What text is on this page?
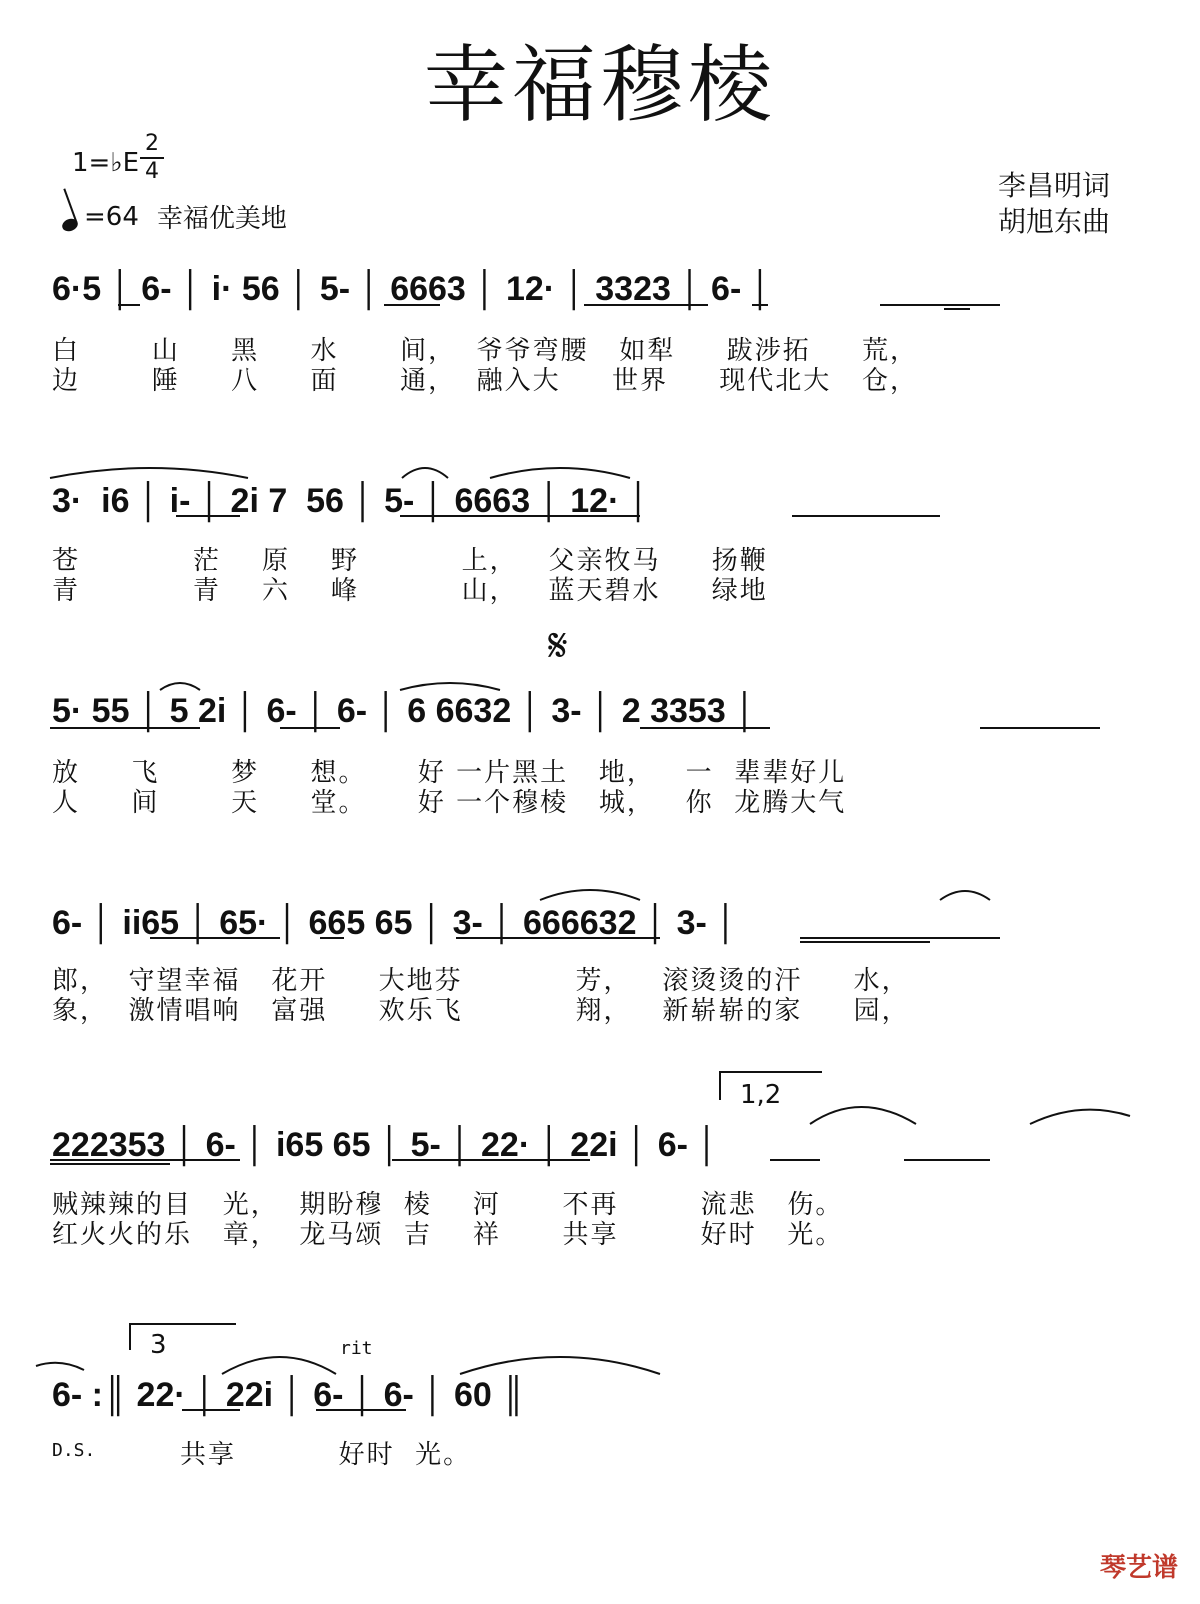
幸福穆棱
1=♭E
2
4
=64 幸福优美地
李昌明词
胡旭东曲
6·5 │ 6- │ i· 56 │ 5- │ 6663 │ 12· │ 3323 │ 6- │
白       山     黑     水      间，  爷爷弯腰   如犁     跋涉拓     荒，
边       陲     八     面      通，  融入大     世界     现代北大   仓，
3·  i6 │ i- │ 2i 7  56 │ 5- │ 6663 │ 12· │
苍           茫    原    野          上，   父亲牧马     扬鞭
青           青    六    峰          山，   蓝天碧水     绿地
𝄋
5· 55 │ 5 2i │ 6- │ 6- │ 6 6632 │ 3- │ 2 3353 │
放     飞       梦     想。     好 一片黑土   地，   一  辈辈好儿
人     间       天     堂。     好 一个穆棱   城，   你  龙腾大气
6- │ ii65 │ 65· │ 665 65 │ 3- │ 666632 │ 3- │
郎，  守望幸福   花开     大地芬           芳，   滚烫烫的汗     水，
象，  激情唱响   富强     欢乐飞           翔，   新崭崭的家     园，
1,2
222353 │ 6- │ i65 65 │ 5- │ 22· │ 22i │ 6- │
贼辣辣的目   光，  期盼穆  棱    河      不再        流悲   伤。
红火火的乐   章，  龙马颂  吉    祥      共享        好时   光。
3	rit
6- :║ 22· │ 22i │ 6- │ 6- │ 60 ║
D.S.	共享          好时  光。
琴艺谱
